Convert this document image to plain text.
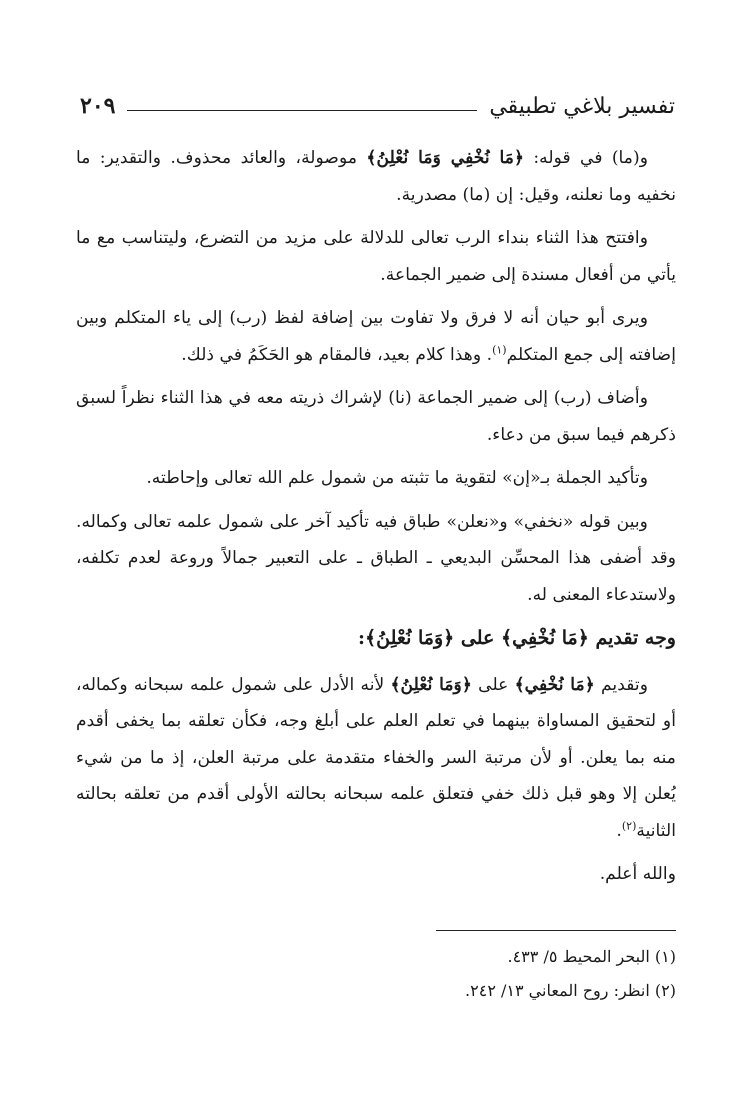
تفسير بلاغي تطبيقي
٢٠٩

و(ما) في قوله: ﴿مَا نُخْفِي وَمَا نُعْلِنُ﴾ موصولة، والعائد محذوف. والتقدير: ما نخفيه وما نعلنه، وقيل: إن (ما) مصدرية.

وافتتح هذا الثناء بنداء الرب تعالى للدلالة على مزيد من التضرع، وليتناسب مع ما يأتي من أفعال مسندة إلى ضمير الجماعة.

ويرى أبو حيان أنه لا فرق ولا تفاوت بين إضافة لفظ (رب) إلى ياء المتكلم وبين إضافته إلى جمع المتكلم$^{(١)}$. وهذا كلام بعيد، فالمقام هو الحَكَمُ في ذلك.

وأضاف (رب) إلى ضمير الجماعة (نا) لإشراك ذريته معه في هذا الثناء نظراً لسبق ذكرهم فيما سبق من دعاء.

وتأكيد الجملة بـ«إن» لتقوية ما تثبته من شمول علم الله تعالى وإحاطته.

وبين قوله «نخفي» و«نعلن» طباق فيه تأكيد آخر على شمول علمه تعالى وكماله. وقد أضفى هذا المحسِّن البديعي ـ الطباق ـ على التعبير جمالاً وروعة لعدم تكلفه، ولاستدعاء المعنى له.

وجه تقديم ﴿مَا نُخْفِي﴾ على ﴿وَمَا نُعْلِنُ﴾:

وتقديم ﴿مَا نُخْفِي﴾ على ﴿وَمَا نُعْلِنُ﴾ لأنه الأدل على شمول علمه سبحانه وكماله، أو لتحقيق المساواة بينهما في تعلم العلم على أبلغ وجه، فكأن تعلقه بما يخفى أقدم منه بما يعلن. أو لأن مرتبة السر والخفاء متقدمة على مرتبة العلن، إذ ما من شيء يُعلن إلا وهو قبل ذلك خفي فتعلق علمه سبحانه بحالته الأولى أقدم من تعلقه بحالته الثانية$^{(٢)}$.

والله أعلم.

(١) البحر المحيط ٥/ ٤٣٣.
(٢) انظر: روح المعاني ١٣/ ٢٤٢.
